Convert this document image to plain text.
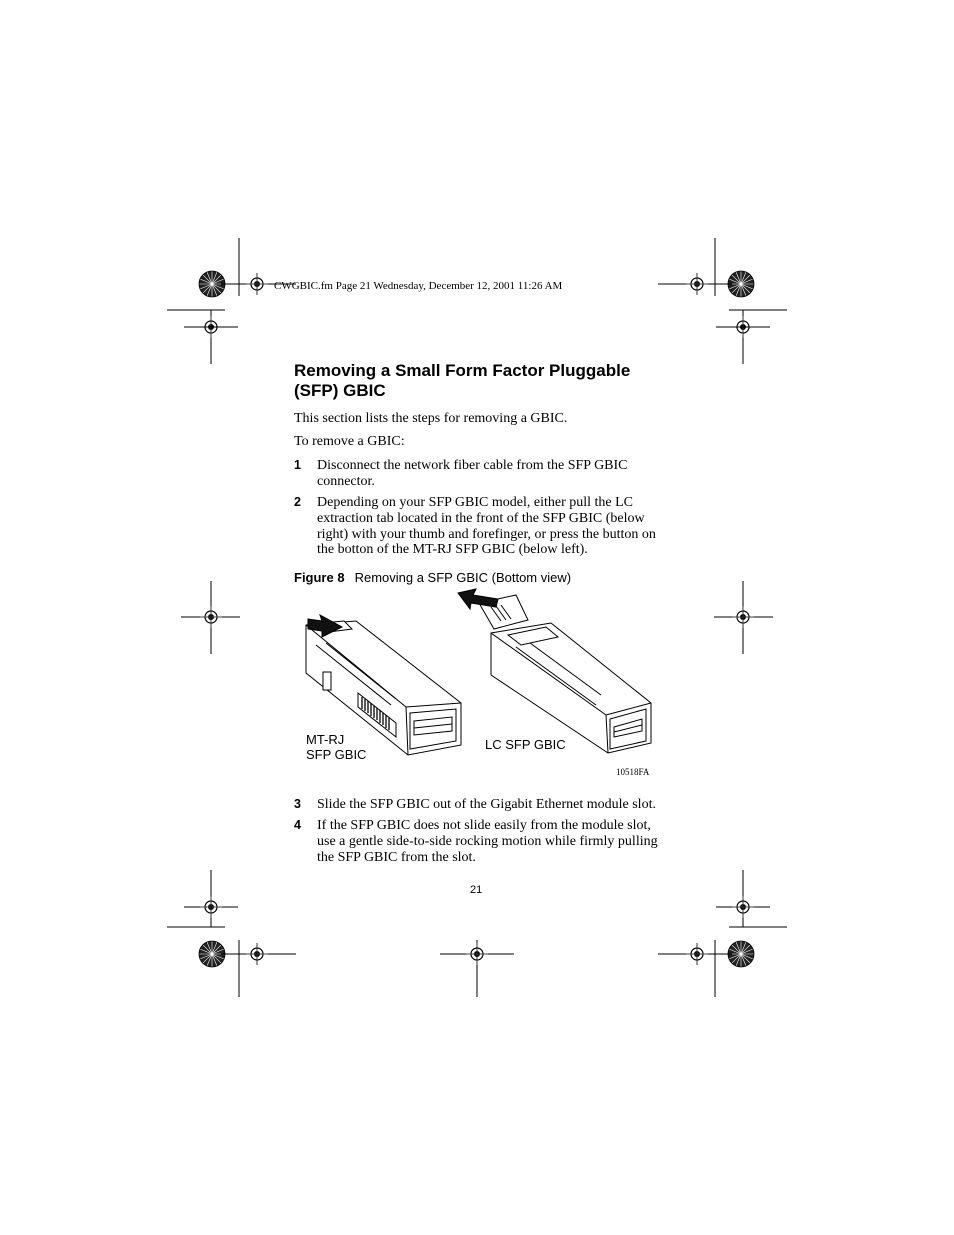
CWGBIC.fm Page 21 Wednesday, December 12, 2001 11:26 AM
Removing a Small Form Factor Pluggable
(SFP) GBIC
This section lists the steps for removing a GBIC.
To remove a GBIC:
1 Disconnect the network fiber cable from the SFP GBIC
connector.
2 Depending on your SFP GBIC model, either pull the LC
extraction tab located in the front of the SFP GBIC (below
right) with your thumb and forefinger, or press the button on
the botton of the MT-RJ SFP GBIC (below left).
Figure 8 Removing a SFP GBIC (Bottom view)
MT-RJ
SFP GBIC
LC SFP GBIC
10518FA
3 Slide the SFP GBIC out of the Gigabit Ethernet module slot.
4 If the SFP GBIC does not slide easily from the module slot,
use a gentle side-to-side rocking motion while firmly pulling
the SFP GBIC from the slot.
21
